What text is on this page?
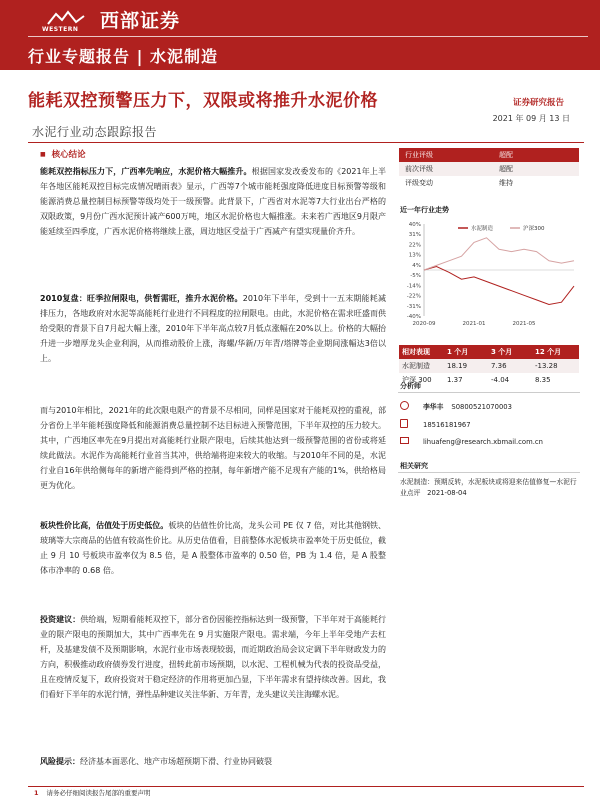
WESTERN 西部证券
行业专题报告 | 水泥制造
能耗双控预警压力下，双限或将推升水泥价格	证券研究报告
2021 年 09 月 13 日
水泥行业动态跟踪报告
■ 核心结论
能耗双控指标压力下，广西率先响应，水泥价格大幅推升。根据国家发改委发布的《2021年上半年各地区能耗双控目标完成情况晴雨表》显示，广西等7个城市能耗强度降低进度目标预警等级和能源消费总量控制目标预警等级均处于一级预警。此背景下，广西省对水泥等7大行业出台严格的双限政策，9月份广西水泥预计减产600万吨，地区水泥价格也大幅推涨。未来若广西地区9月限产能延续至四季度，广西水泥价格将继续上涨，周边地区受益于广西减产有望实现量价齐升。
2010复盘：旺季拉闸限电，供暂需旺，推升水泥价格。2010年下半年，受到十一五末期能耗减排压力，各地政府对水泥等高能耗行业进行不同程度的拉闸限电。由此，水泥价格在需求旺盛而供给受限的背景下自7月起大幅上涨，2010年下半年高点较7月低点涨幅在20%以上。价格的大幅抬升进一步增厚龙头企业利润，从而推动股价上涨，海螺/华新/万年青/塔牌等企业期间涨幅达3倍以上。
而与2010年相比，2021年的此次限电限产的背景不尽相同，同样是国家对于能耗双控的重视，部分省份上半年能耗强度降低和能源消费总量控制不达目标进入预警范围，下半年双控的压力较大。其中，广西地区率先在9月提出对高能耗行业限产限电，后续其他达到一级预警范围的省份或将延续此做法。水泥作为高能耗行业首当其冲，供给端将迎来较大的收缩。与2010年不同的是，水泥行业自16年供给侧每年的新增产能得到严格的控制，每年新增产能不足现有产能的1%，供给格局更为优化。
板块性价比高，估值处于历史低位。板块的估值性价比高，龙头公司 PE 仅 7 倍，对比其他钢铁、玻璃等大宗商品的估值有较高性价比。从历史估值看，目前整体水泥板块市盈率处于历史低位，截止 9 月 10 号板块市盈率仅为 8.5 倍，是 A 股整体市盈率的 0.50 倍，PB 为 1.4 倍，是 A 股整体市净率的 0.68 倍。
投资建议：供给端，短期看能耗双控下，部分省份因能控指标达到一级预警，下半年对于高能耗行业的限产限电的预期加大，其中广西率先在 9 月实施限产限电。需求端，今年上半年受地产去杠杆，及基建发债不及预期影响，水泥行业市场表现较弱，而近期政治局会议定调下半年财政发力的方向，积极推动政府债券发行进度，扭转此前市场预期，以水泥、工程机械为代表的投资品受益，且在疫情反复下，政府投资对于稳定经济的作用将更加凸显，下半年需求有望持续改善。因此，我们看好下半年的水泥行情，弹性品种建议关注华新、万年青，龙头建议关注海螺水泥。
风险提示：经济基本面恶化、地产市场超预期下滑、行业协同破裂
行业评级	超配
前次评级	超配
评级变动	维持
近一年行业走势
40%
31%
22%
13%
4%
-5%
-14%
-22%
-31%
-40%
2020-09	2021-01	2021-05
水泥制造	沪深300
相对表现	1 个月	3 个月	12 个月
水泥制造	18.19	7.36	-13.28
沪深 300	1.37	-4.04	8.35
分析师
李华丰 S0800521070003
18516181967
lihuafeng@research.xbmail.com.cn
相关研究
水泥制造：预期反转，水泥板块或将迎来估值修复—水泥行业点评　2021-08-04
1 请务必仔细阅读报告尾部的重要声明
